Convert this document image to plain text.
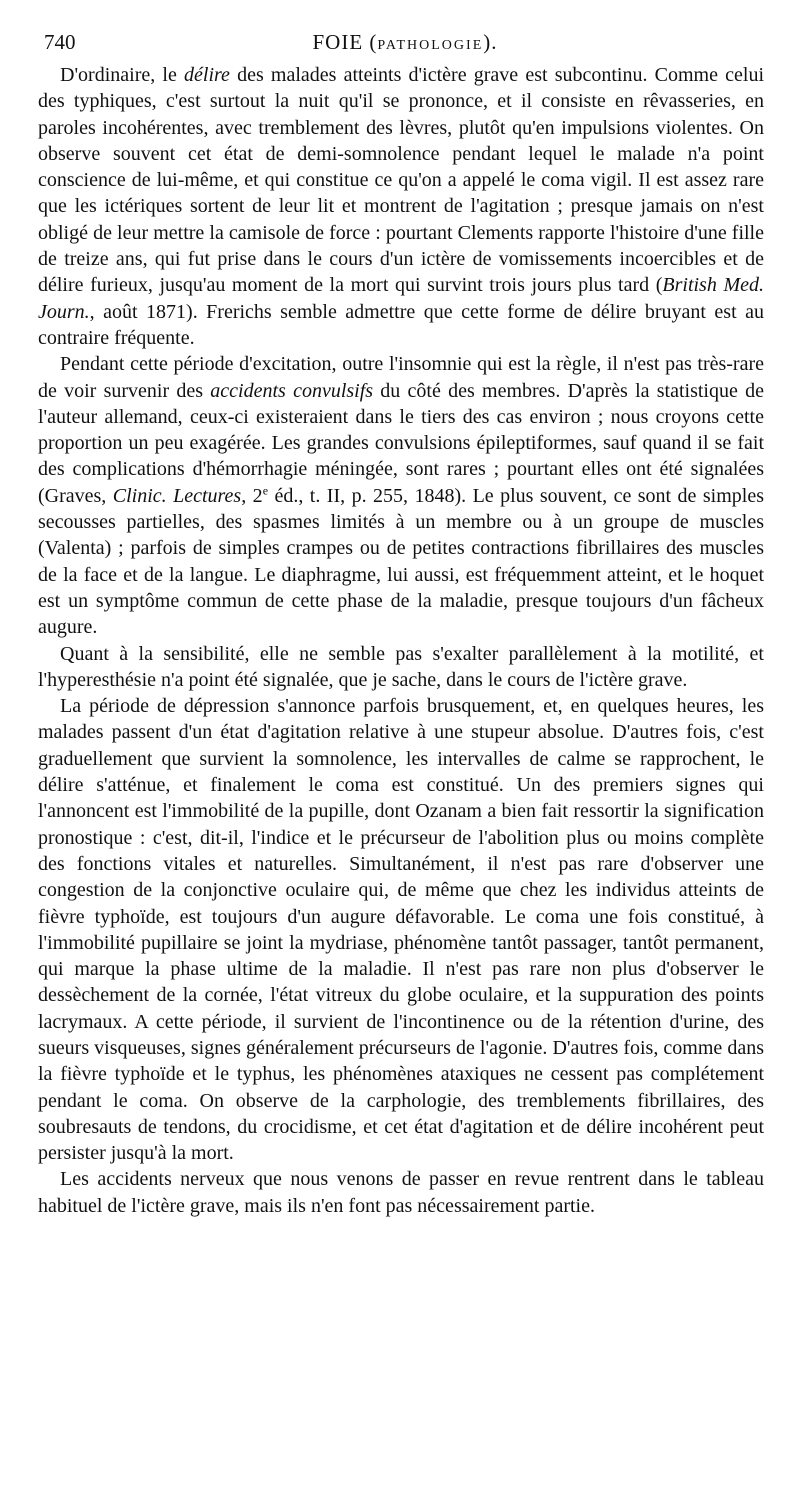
740	FOIE (PATHOLOGIE).

D'ordinaire, le délire des malades atteints d'ictère grave est subcontinu. Comme celui des typhiques, c'est surtout la nuit qu'il se prononce, et il consiste en rêvasseries, en paroles incohérentes, avec tremblement des lèvres, plutôt qu'en impulsions violentes. On observe souvent cet état de demi-somnolence pendant lequel le malade n'a point conscience de lui-même, et qui constitue ce qu'on a appelé le coma vigil. Il est assez rare que les ictériques sortent de leur lit et montrent de l'agitation ; presque jamais on n'est obligé de leur mettre la camisole de force : pourtant Clements rapporte l'histoire d'une fille de treize ans, qui fut prise dans le cours d'un ictère de vomissements incoercibles et de délire furieux, jusqu'au moment de la mort qui survint trois jours plus tard (British Med. Journ., août 1871). Frerichs semble admettre que cette forme de délire bruyant est au contraire fréquente.

Pendant cette période d'excitation, outre l'insomnie qui est la règle, il n'est pas très-rare de voir survenir des accidents convulsifs du côté des membres. D'après la statistique de l'auteur allemand, ceux-ci existeraient dans le tiers des cas environ ; nous croyons cette proportion un peu exagérée. Les grandes convulsions épileptiformes, sauf quand il se fait des complications d'hémorrhagie méningée, sont rares ; pourtant elles ont été signalées (Graves, Clinic. Lectures, 2e éd., t. II, p. 255, 1848). Le plus souvent, ce sont de simples secousses partielles, des spasmes limités à un membre ou à un groupe de muscles (Valenta) ; parfois de simples crampes ou de petites contractions fibrillaires des muscles de la face et de la langue. Le diaphragme, lui aussi, est fréquemment atteint, et le hoquet est un symptôme commun de cette phase de la maladie, presque toujours d'un fâcheux augure.

Quant à la sensibilité, elle ne semble pas s'exalter parallèlement à la motilité, et l'hyperesthésie n'a point été signalée, que je sache, dans le cours de l'ictère grave.

La période de dépression s'annonce parfois brusquement, et, en quelques heures, les malades passent d'un état d'agitation relative à une stupeur absolue. D'autres fois, c'est graduellement que survient la somnolence, les intervalles de calme se rapprochent, le délire s'atténue, et finalement le coma est constitué. Un des premiers signes qui l'annoncent est l'immobilité de la pupille, dont Ozanam a bien fait ressortir la signification pronostique : c'est, dit-il, l'indice et le précurseur de l'abolition plus ou moins complète des fonctions vitales et naturelles. Simultanément, il n'est pas rare d'observer une congestion de la conjonctive oculaire qui, de même que chez les individus atteints de fièvre typhoïde, est toujours d'un augure défavorable. Le coma une fois constitué, à l'immobilité pupillaire se joint la mydriase, phénomène tantôt passager, tantôt permanent, qui marque la phase ultime de la maladie. Il n'est pas rare non plus d'observer le dessèchement de la cornée, l'état vitreux du globe oculaire, et la suppuration des points lacrymaux. A cette période, il survient de l'incontinence ou de la rétention d'urine, des sueurs visqueuses, signes généralement précurseurs de l'agonie. D'autres fois, comme dans la fièvre typhoïde et le typhus, les phénomènes ataxiques ne cessent pas complétement pendant le coma. On observe de la carphologie, des tremblements fibrillaires, des soubresauts de tendons, du crocidisme, et cet état d'agitation et de délire incohérent peut persister jusqu'à la mort.

Les accidents nerveux que nous venons de passer en revue rentrent dans le tableau habituel de l'ictère grave, mais ils n'en font pas nécessairement partie.
